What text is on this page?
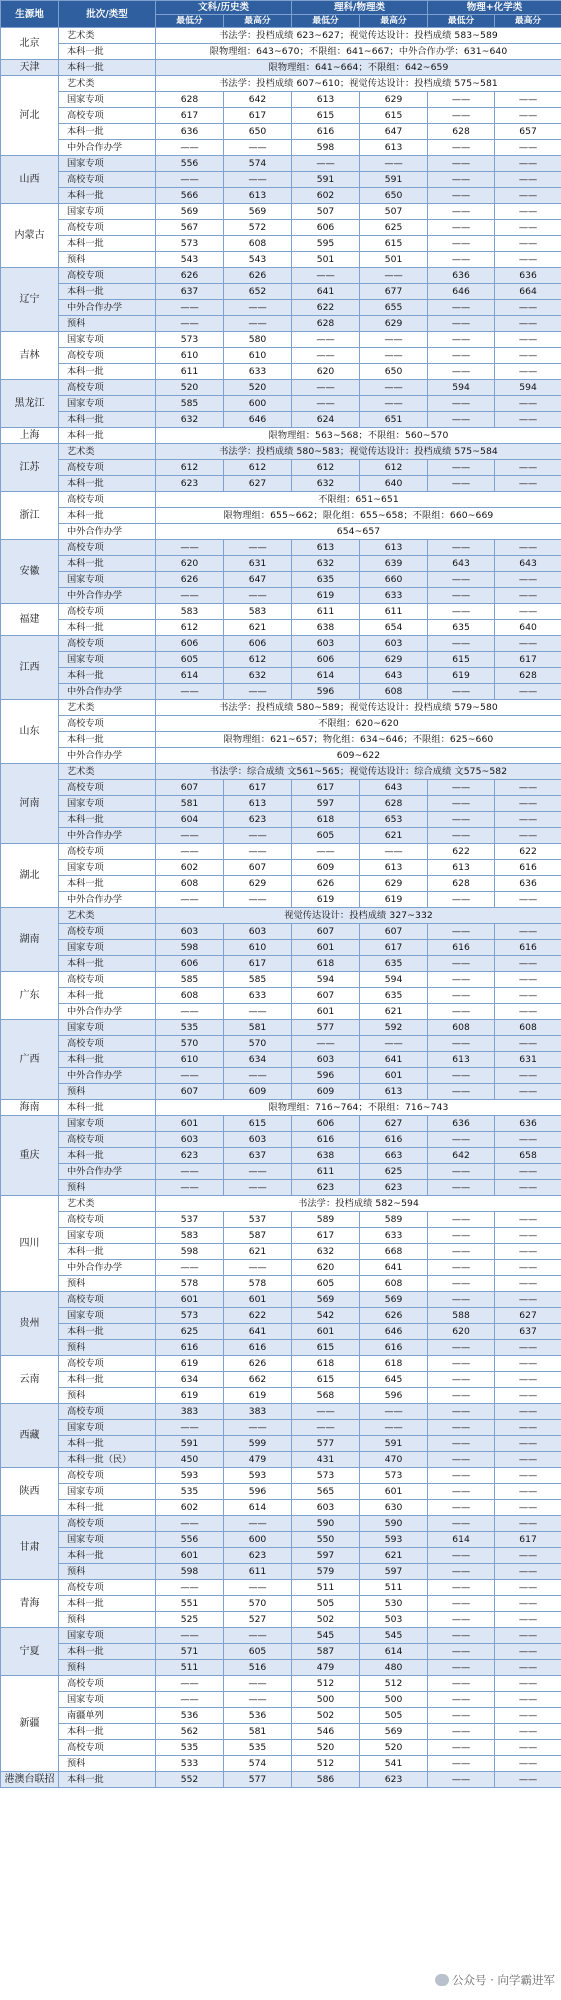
生源地	批次/类型	文科/历史类		理科/物理类		物理+化学类	
		最低分	最高分	最低分	最高分	最低分	最高分
北京	艺术类	书法学：投档成绩 623~627；视觉传达设计：投档成绩 583~589					
	本科一批	限物理组：643~670；不限组：641~667；中外合作办学：631~640					
天津	本科一批	限物理组：641~664；不限组：642~659					
河北	艺术类	书法学：投档成绩 607~610；视觉传达设计：投档成绩 575~581					
	国家专项	628	642	613	629	——	——
	高校专项	617	617	615	615	——	——
	本科一批	636	650	616	647	628	657
	中外合作办学	——	——	598	613	——	——
山西	国家专项	556	574	——	——	——	——
	高校专项	——	——	591	591	——	——
	本科一批	566	613	602	650	——	——
内蒙古	国家专项	569	569	507	507	——	——
	高校专项	567	572	606	625	——	——
	本科一批	573	608	595	615	——	——
	预科	543	543	501	501	——	——
辽宁	高校专项	626	626	——	——	636	636
	本科一批	637	652	641	677	646	664
	中外合作办学	——	——	622	655	——	——
	预科	——	——	628	629	——	——
吉林	国家专项	573	580	——	——	——	——
	高校专项	610	610	——	——	——	——
	本科一批	611	633	620	650	——	——
黑龙江	高校专项	520	520	——	——	594	594
	国家专项	585	600	——	——	——	——
	本科一批	632	646	624	651	——	——
上海	本科一批	限物理组：563~568；不限组：560~570					
江苏	艺术类	书法学：投档成绩 580~583；视觉传达设计：投档成绩 575~584					
	高校专项	612	612	612	612	——	——
	本科一批	623	627	632	640	——	——
浙江	高校专项	不限组：651~651					
	本科一批	限物理组：655~662；限化组：655~658；不限组：660~669					
	中外合作办学	654~657					
安徽	高校专项	——	——	613	613	——	——
	本科一批	620	631	632	639	643	643
	国家专项	626	647	635	660	——	——
	中外合作办学	——	——	619	633	——	——
福建	高校专项	583	583	611	611	——	——
	本科一批	612	621	638	654	635	640
江西	高校专项	606	606	603	603	——	——
	国家专项	605	612	606	629	615	617
	本科一批	614	632	614	643	619	628
	中外合作办学	——	——	596	608	——	——
山东	艺术类	书法学：投档成绩 580~589；视觉传达设计：投档成绩 579~580					
	高校专项	不限组：620~620					
	本科一批	限物理组：621~657；物化组：634~646；不限组：625~660					
	中外合作办学	609~622					
河南	艺术类	书法学：综合成绩 文561~565；视觉传达设计：综合成绩 文575~582					
	高校专项	607	617	617	643	——	——
	国家专项	581	613	597	628	——	——
	本科一批	604	623	618	653	——	——
	中外合作办学	——	——	605	621	——	——
湖北	高校专项	——	——	——	——	622	622
	国家专项	602	607	609	613	613	616
	本科一批	608	629	626	629	628	636
	中外合作办学	——	——	619	619	——	——
湖南	艺术类	视觉传达设计：投档成绩 327~332					
	高校专项	603	603	607	607	——	——
	国家专项	598	610	601	617	616	616
	本科一批	606	617	618	635	——	——
广东	高校专项	585	585	594	594	——	——
	本科一批	608	633	607	635	——	——
	中外合作办学	——	——	601	621	——	——
广西	国家专项	535	581	577	592	608	608
	高校专项	570	570	——	——	——	——
	本科一批	610	634	603	641	613	631
	中外合作办学	——	——	596	601	——	——
	预科	607	609	609	613	——	——
海南	本科一批	限物理组：716~764；不限组：716~743					
重庆	国家专项	601	615	606	627	636	636
	高校专项	603	603	616	616	——	——
	本科一批	623	637	638	663	642	658
	中外合作办学	——	——	611	625	——	——
	预科	——	——	623	623	——	——
四川	艺术类	书法学：投档成绩 582~594					
	高校专项	537	537	589	589	——	——
	国家专项	583	587	617	633	——	——
	本科一批	598	621	632	668	——	——
	中外合作办学	——	——	620	641	——	——
	预科	578	578	605	608	——	——
贵州	高校专项	601	601	569	569	——	——
	国家专项	573	622	542	626	588	627
	本科一批	625	641	601	646	620	637
	预科	616	616	615	616	——	——
云南	高校专项	619	626	618	618	——	——
	本科一批	634	662	615	645	——	——
	预科	619	619	568	596	——	——
西藏	高校专项	383	383	——	——	——	——
	国家专项	——	——	——	——	——	——
	本科一批	591	599	577	591	——	——
	本科一批（民）	450	479	431	470	——	——
陕西	高校专项	593	593	573	573	——	——
	国家专项	535	596	565	601	——	——
	本科一批	602	614	603	630	——	——
甘肃	高校专项	——	——	590	590	——	——
	国家专项	556	600	550	593	614	617
	本科一批	601	623	597	621	——	——
	预科	598	611	579	597	——	——
青海	高校专项	——	——	511	511	——	——
	本科一批	551	570	505	530	——	——
	预科	525	527	502	503	——	——
宁夏	国家专项	——	——	545	545	——	——
	本科一批	571	605	587	614	——	——
	预科	511	516	479	480	——	——
新疆	高校专项	——	——	512	512	——	——
	国家专项	——	——	500	500	——	——
	南疆单列	536	536	502	505	——	——
	本科一批	562	581	546	569	——	——
	高校专项	535	535	520	520	——	——
	预科	533	574	512	541	——	——
港澳台联招	本科一批	552	577	586	623	——	——
公众号 · 向学霸进军
